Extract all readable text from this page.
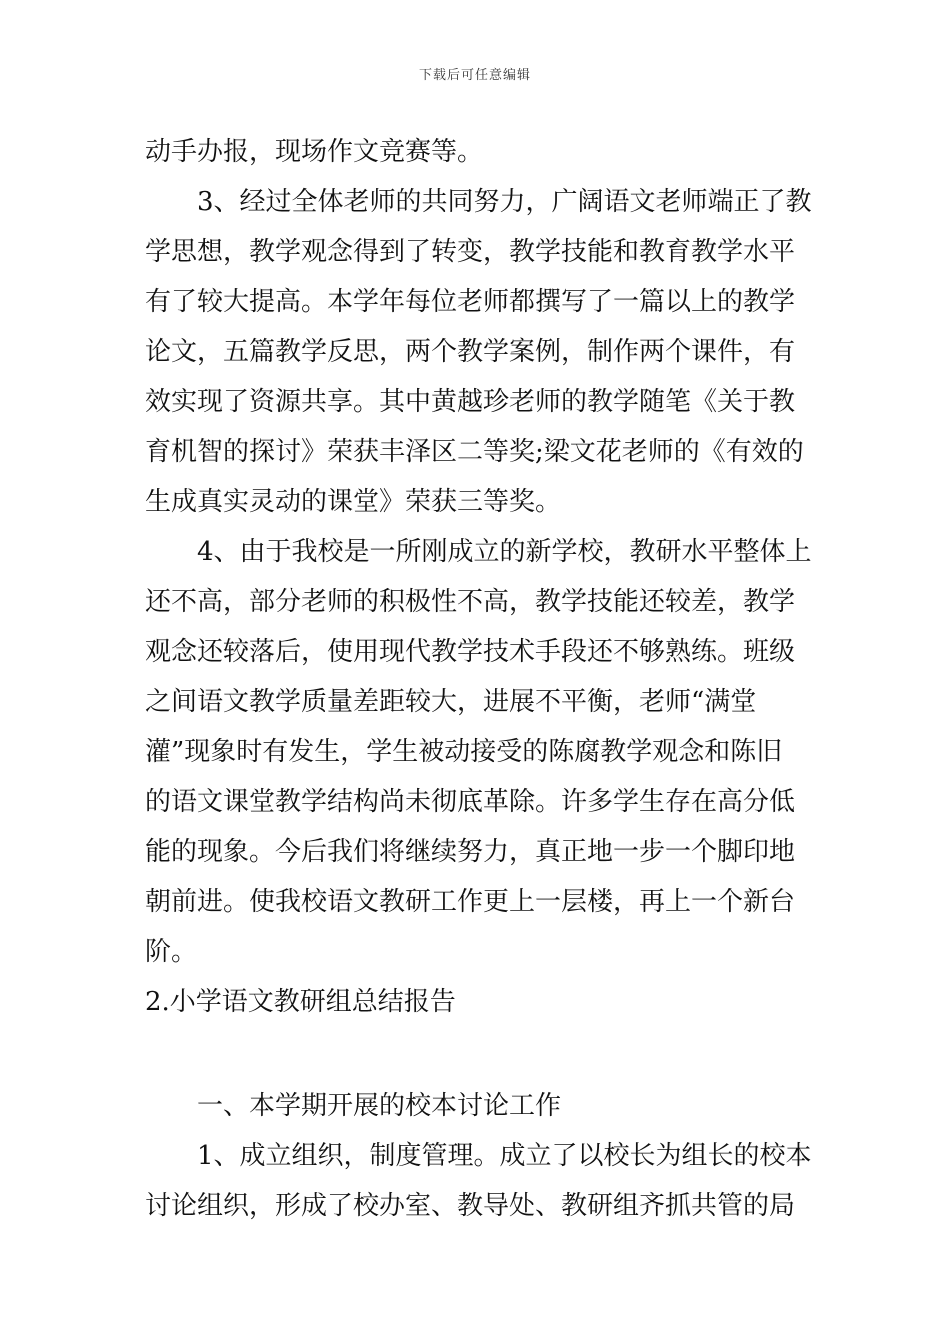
下载后可任意编辑
动手办报，现场作文竞赛等。
3、经过全体老师的共同努力，广阔语文老师端正了教
学思想，教学观念得到了转变，教学技能和教育教学水平
有了较大提高。本学年每位老师都撰写了一篇以上的教学
论文，五篇教学反思，两个教学案例，制作两个课件，有
效实现了资源共享。其中黄越珍老师的教学随笔《关于教
育机智的探讨》荣获丰泽区二等奖;梁文花老师的《有效的
生成真实灵动的课堂》荣获三等奖。
4、由于我校是一所刚成立的新学校，教研水平整体上
还不高，部分老师的积极性不高，教学技能还较差，教学
观念还较落后，使用现代教学技术手段还不够熟练。班级
之间语文教学质量差距较大，进展不平衡，老师“满堂
灌”现象时有发生，学生被动接受的陈腐教学观念和陈旧
的语文课堂教学结构尚未彻底革除。许多学生存在高分低
能的现象。今后我们将继续努力，真正地一步一个脚印地
朝前进。使我校语文教研工作更上一层楼，再上一个新台
阶。
2.小学语文教研组总结报告
一、本学期开展的校本讨论工作
1、成立组织，制度管理。成立了以校长为组长的校本
讨论组织，形成了校办室、教导处、教研组齐抓共管的局
